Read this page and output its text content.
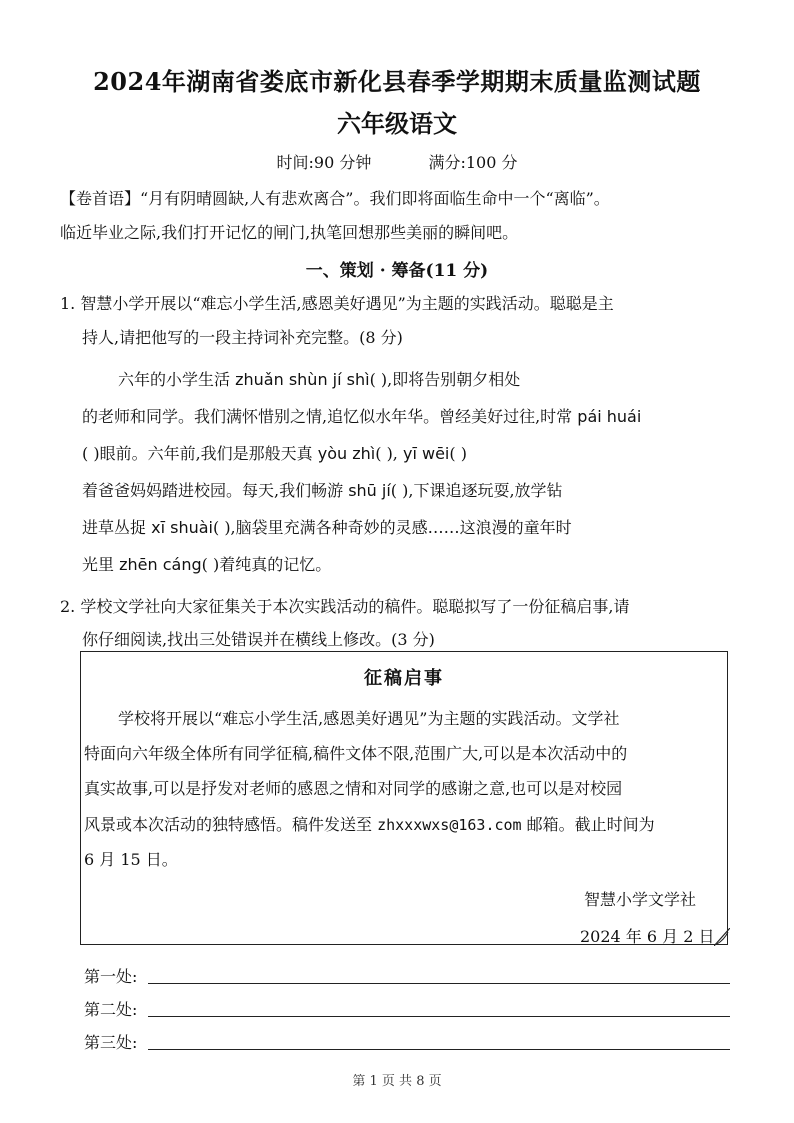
2024年湖南省娄底市新化县春季学期期末质量监测试题
六年级语文
时间:90 分钟	满分:100 分
【卷首语】“月有阴晴圆缺,人有悲欢离合”。我们即将面临生命中一个“离临”。
临近毕业之际,我们打开记忆的闸门,执笔回想那些美丽的瞬间吧。
一、策划 · 筹备(11 分)
1. 智慧小学开展以“难忘小学生活,感恩美好遇见”为主题的实践活动。聪聪是主
持人,请把他写的一段主持词补充完整。(8 分)
六年的小学生活 zhuǎn shùn jí shì( ),即将告别朝夕相处
的老师和同学。我们满怀惜别之情,追忆似水年华。曾经美好过往,时常 pái huái
( )眼前。六年前,我们是那般天真 yòu zhì( ), yī wēi( )
着爸爸妈妈踏进校园。每天,我们畅游 shū jí( ),下课追逐玩耍,放学钻
进草丛捉 xī shuài( ),脑袋里充满各种奇妙的灵感……这浪漫的童年时
光里 zhēn cáng( )着纯真的记忆。
2. 学校文学社向大家征集关于本次实践活动的稿件。聪聪拟写了一份征稿启事,请
你仔细阅读,找出三处错误并在横线上修改。(3 分)
征稿启事
学校将开展以“难忘小学生活,感恩美好遇见”为主题的实践活动。文学社
特面向六年级全体所有同学征稿,稿件文体不限,范围广大,可以是本次活动中的
真实故事,可以是抒发对老师的感恩之情和对同学的感谢之意,也可以是对校园
风景或本次活动的独特感悟。稿件发送至 zhxxxwxs@163.com 邮箱。截止时间为
6 月 15 日。
智慧小学文学社
2024 年 6 月 2 日
第一处:
第二处:
第三处:
第 1 页 共 8 页
